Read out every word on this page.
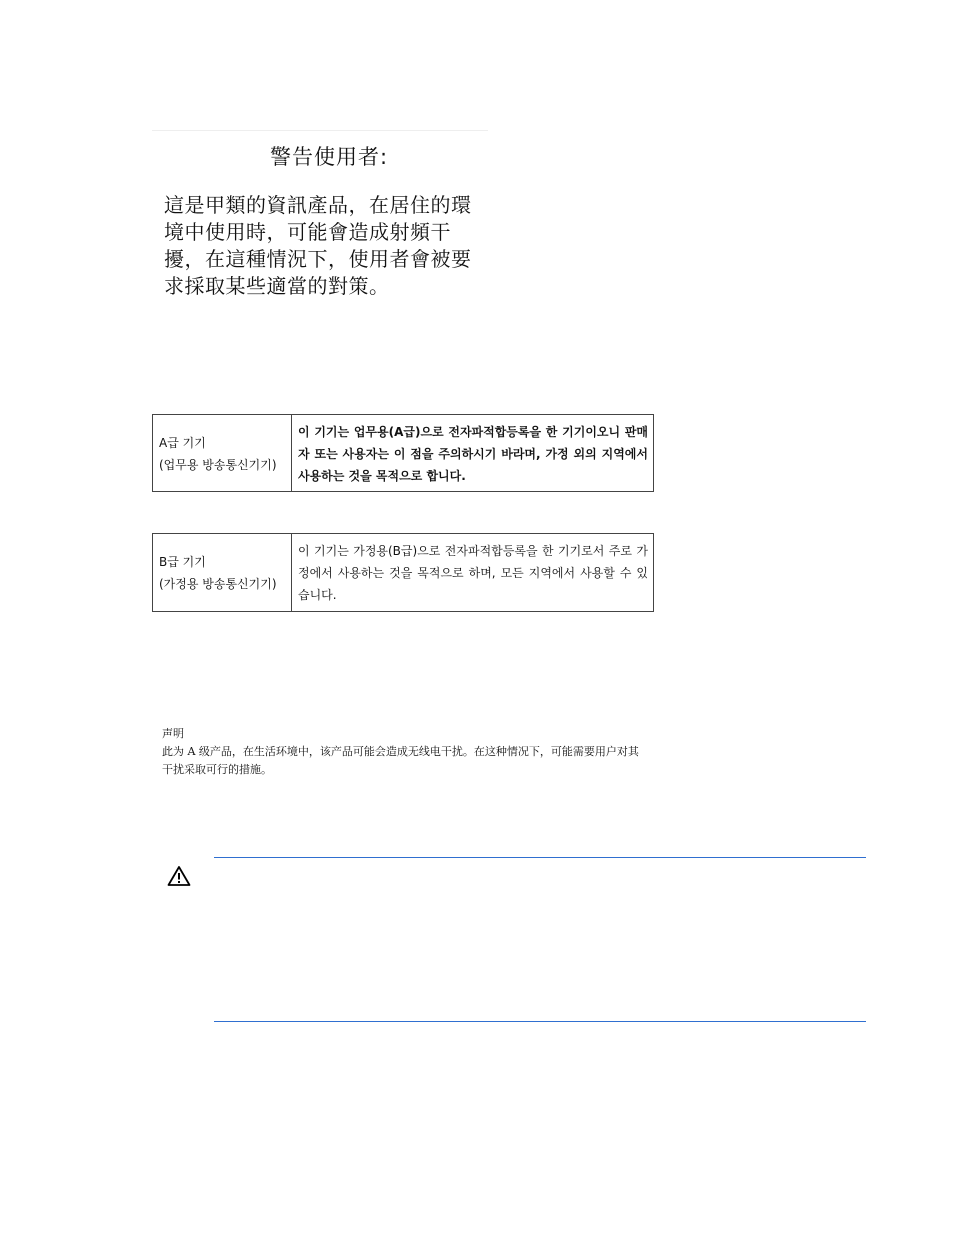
警告使用者:
這是甲類的資訊產品，在居住的環境中使用時，可能會造成射頻干擾，在這種情況下，使用者會被要求採取某些適當的對策。
A급 기기
(업무용 방송통신기기)
이 기기는 업무용(A급)으로 전자파적합등록을 한 기기이오니 판매자 또는 사용자는 이 점을 주의하시기 바라며, 가정 외의 지역에서 사용하는 것을 목적으로 합니다.
B급 기기
(가정용 방송통신기기)
이 기기는 가정용(B급)으로 전자파적합등록을 한 기기로서 주로 가정에서 사용하는 것을 목적으로 하며, 모든 지역에서 사용할 수 있습니다.
声明
此为 A 级产品，在生活环境中，该产品可能会造成无线电干扰。在这种情况下，可能需要用户对其干扰采取可行的措施。
